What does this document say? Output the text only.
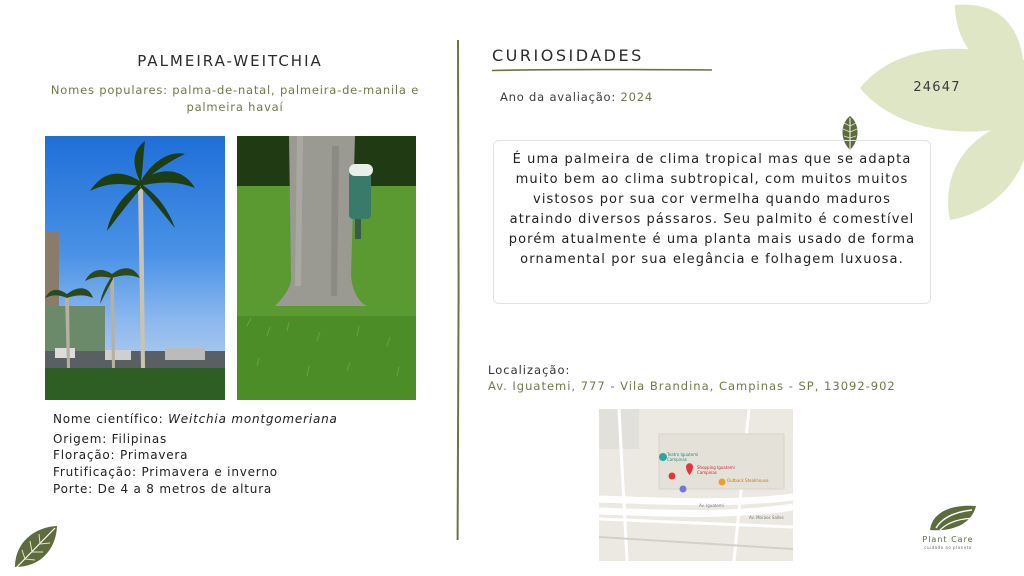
PALMEIRA-WEITCHIA
Nomes populares: palma-de-natal, palmeira-de-manila e palmeira havaí
Nome científico: Weitchia montgomeriana
Origem: Filipinas
Floração: Primavera
Frutificação: Primavera e inverno
Porte: De 4 a 8 metros de altura
CURIOSIDADES
Ano da avaliação: 2024
É uma palmeira de clima tropical mas que se adapta muito bem ao clima subtropical, com muitos muitos vistosos por sua cor vermelha quando maduros atraindo diversos pássaros. Seu palmito é comestível porém atualmente é uma planta mais usado de forma ornamental por sua elegância e folhagem luxuosa.
24647
Localização:
Av. Iguatemi, 777 - Vila Brandina, Campinas - SP, 13092-902
Teatro Iguatemi Campinas
Shopping Iguatemi Campinas
Outback Steakhouse
Av. Iguatemi
Av. Moraes Salles
Plant Care
cuidado ao planeta
